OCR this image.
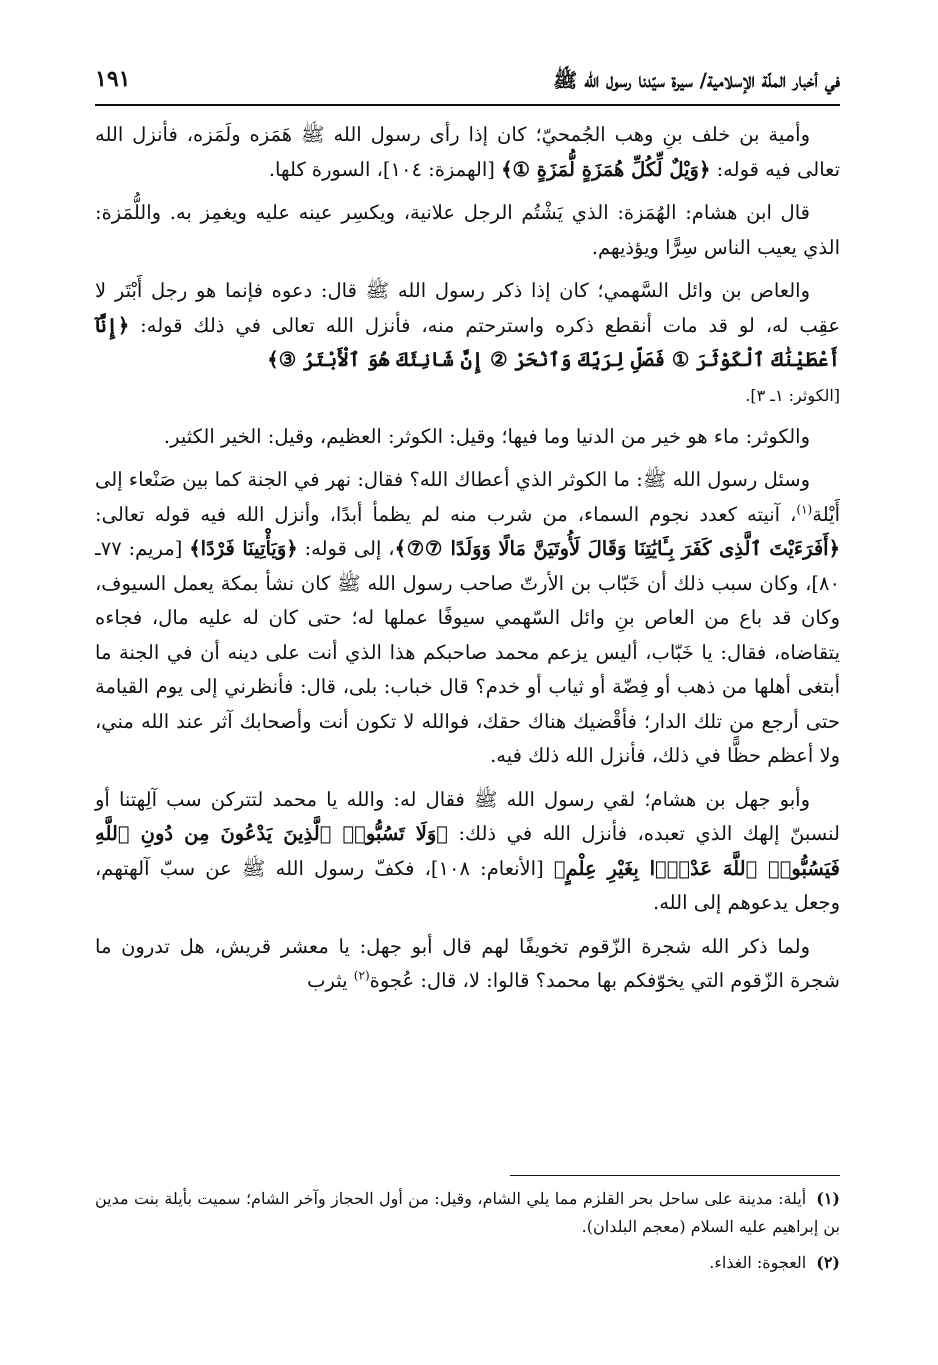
في أخبار الملّة الإسلامية/ سيرة سيّدنا رسول الله ﷺ
١٩١

وأمية بن خلف بنِ وهب الجُمحيّ؛ كان إذا رأى رسول الله ﷺ هَمَزه ولَمَزه، فأنزل الله تعالى فيه قوله: ﴿وَيْلٌ لِّكُلِّ هُمَزَةٍ لُّمَزَةٍ ①﴾ [الهمزة: ١٠٤]، السورة كلها.

قال ابن هشام: الهُمَزة: الذي يَشْتُم الرجل علانية، ويكسِر عينه عليه ويغمِز به. واللُّمَزة: الذي يعيب الناس سِرًّا ويؤذيهم.

والعاص بن وائل السَّهمي؛ كان إذا ذكر رسول الله ﷺ قال: دعوه فإنما هو رجل أَبْتَر لا عقِب له، لو قد مات أنقطع ذكره واسترحتم منه، فأنزل الله تعالى في ذلك قوله: ﴿إِنَّآ أَعْطَيْنَٰكَ ٱلْكَوْثَرَ ① فَصَلِّ لِرَبِّكَ وَٱنْحَرْ ② إِنَّ شَانِئَكَ هُوَ ٱلْأَبْتَرُ ③﴾

[الكوثر: ١ـ ٣].

والكوثر: ماء هو خير من الدنيا وما فيها؛ وقيل: الكوثر: العظيم، وقيل: الخير الكثير.

وسئل رسول الله ﷺ: ما الكوثر الذي أعطاك الله؟ فقال: نهر في الجنة كما بين صَنْعاء إلى أَيْلة$^{(١)}$، آنيته كعدد نجوم السماء، من شرب منه لم يظمأ أبدًا، وأنزل الله فيه قوله تعالى: ﴿أَفَرَءَيْتَ ٱلَّذِى كَفَرَ بِـَٔايَٰتِنَا وَقَالَ لَأُوتَيَنَّ مَالًا وَوَلَدًا ⑦⑦﴾، إلى قوله: ﴿وَيَأْتِينَا فَرْدًا﴾ [مريم: ٧٧ـ ٨٠]، وكان سبب ذلك أن خَبّاب بن الأرتّ صاحب رسول الله ﷺ كان نشأ بمكة يعمل السيوف، وكان قد باع من العاص بنِ وائل السّهمي سيوفًا عملها له؛ حتى كان له عليه مال، فجاءه يتقاضاه، فقال: يا خَبّاب، أليس يزعم محمد صاحبكم هذا الذي أنت على دينه أن في الجنة ما أبتغى أهلها من ذهب أو فِضّة أو ثياب أو خدم؟ قال خباب: بلى، قال: فأنظرني إلى يوم القيامة حتى أرجع من تلك الدار؛ فأقْضيك هناك حقك، فوالله لا تكون أنت وأصحابك آثر عند الله مني، ولا أعظم حظًّا في ذلك، فأنزل الله ذلك فيه.

وأبو جهل بن هشام؛ لقي رسول الله ﷺ فقال له: والله يا محمد لتتركن سب آلِهتنا أو لنسبنّ إلهك الذي تعبده، فأنزل الله في ذلك: ﴿وَلَا تَسُبُّوا۟ ٱلَّذِينَ يَدْعُونَ مِن دُونِ ٱللَّهِ فَيَسُبُّوا۟ ٱللَّهَ عَدْوًۢا بِغَيْرِ عِلْمٍ﴾ [الأنعام: ١٠٨]، فكفّ رسول الله ﷺ عن سبّ آلهتهم، وجعل يدعوهم إلى الله.

ولما ذكر الله شجرة الزّقوم تخويفًا لهم قال أبو جهل: يا معشر قريش، هل تدرون ما شجرة الزّقوم التي يخوّفكم بها محمد؟ قالوا: لا، قال: عُجوة$^{(٢)}$ يثرب

(١)أيلة: مدينة على ساحل بحر القلزم مما يلي الشام، وقيل: من أول الحجاز وآخر الشام؛ سميت بأيلة بنت مدين بن إبراهيم عليه السلام (معجم البلدان).

(٢)العجوة: الغذاء.
